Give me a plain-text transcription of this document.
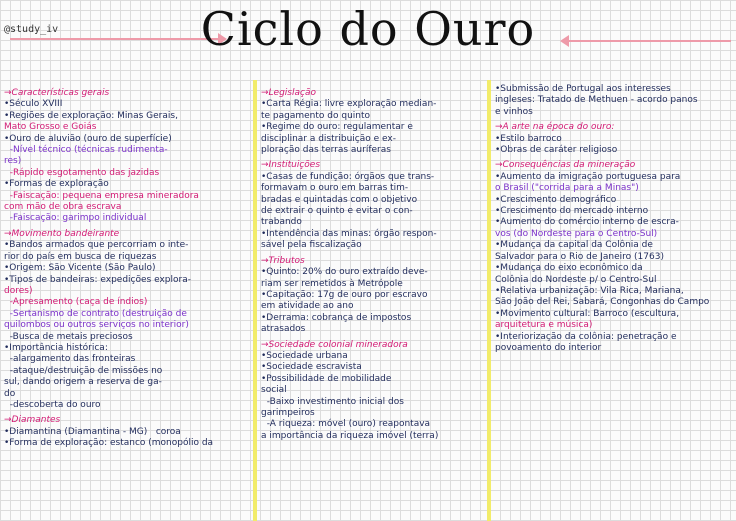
@study_iv	Ciclo do Ouro
→Características gerais
•Século XVIII
•Regiões de exploração: Minas Gerais,
Mato Grosso e Goiás
•Ouro de aluvião (ouro de superfície)
-Nível técnico (técnicas rudimenta-
res)
-Rápido esgotamento das jazidas
•Formas de exploração
-Faiscação: pequena empresa mineradora
com mão de obra escrava
-Faiscação: garimpo individual
→Movimento bandeirante
•Bandos armados que percorriam o inte-
rior do país em busca de riquezas
•Origem: São Vicente (São Paulo)
•Tipos de bandeiras: expedições explora-
dores)
-Apresamento (caça de índios)
-Sertanismo de contrato (destruição de
quilombos ou outros serviços no interior)
-Busca de metais preciosos
•Importância histórica:
-alargamento das fronteiras
-ataque/destruição de missões no
sul, dando origem a reserva de ga-
do
-descoberta do ouro
→Diamantes
•Diamantina (Diamantina - MG)   coroa
•Forma de exploração: estanco (monopólio da
→Legislação
•Carta Régia: livre exploração median-
te pagamento do quinto
•Regime do ouro: regulamentar e
disciplinar a distribuição e ex-
ploração das terras auríferas
→Instituições
•Casas de fundição: órgãos que trans-
formavam o ouro em barras tim-
bradas e quintadas com o objetivo
de extrair o quinto e evitar o con-
trabando
•Intendência das minas: órgão respon-
sável pela fiscalização
→Tributos
•Quinto: 20% do ouro extraído deve-
riam ser remetidos à Metrópole
•Capitação: 17g de ouro por escravo
em atividade ao ano
•Derrama: cobrança de impostos
atrasados
→Sociedade colonial mineradora
•Sociedade urbana
•Sociedade escravista
•Possibilidade de mobilidade
social
-Baixo investimento inicial dos
garimpeiros
-A riqueza: móvel (ouro) reapontava
a importância da riqueza imóvel (terra)
•Submissão de Portugal aos interesses
ingleses: Tratado de Methuen - acordo panos
e vinhos
→A arte na época do ouro:
•Estilo barroco
•Obras de caráter religioso
→Consequências da mineração
•Aumento da imigração portuguesa para
o Brasil ("corrida para a Minas")
•Crescimento demográfico
•Crescimento do mercado interno
•Aumento do comércio interno de escra-
vos (do Nordeste para o Centro-Sul)
•Mudança da capital da Colônia de
Salvador para o Rio de Janeiro (1763)
•Mudança do eixo econômico da
Colônia do Nordeste p/ o Centro-Sul
•Relativa urbanização: Vila Rica, Mariana,
São João del Rei, Sabará, Congonhas do Campo
•Movimento cultural: Barroco (escultura,
arquitetura e música)
•Interiorização da colônia: penetração e
povoamento do interior
